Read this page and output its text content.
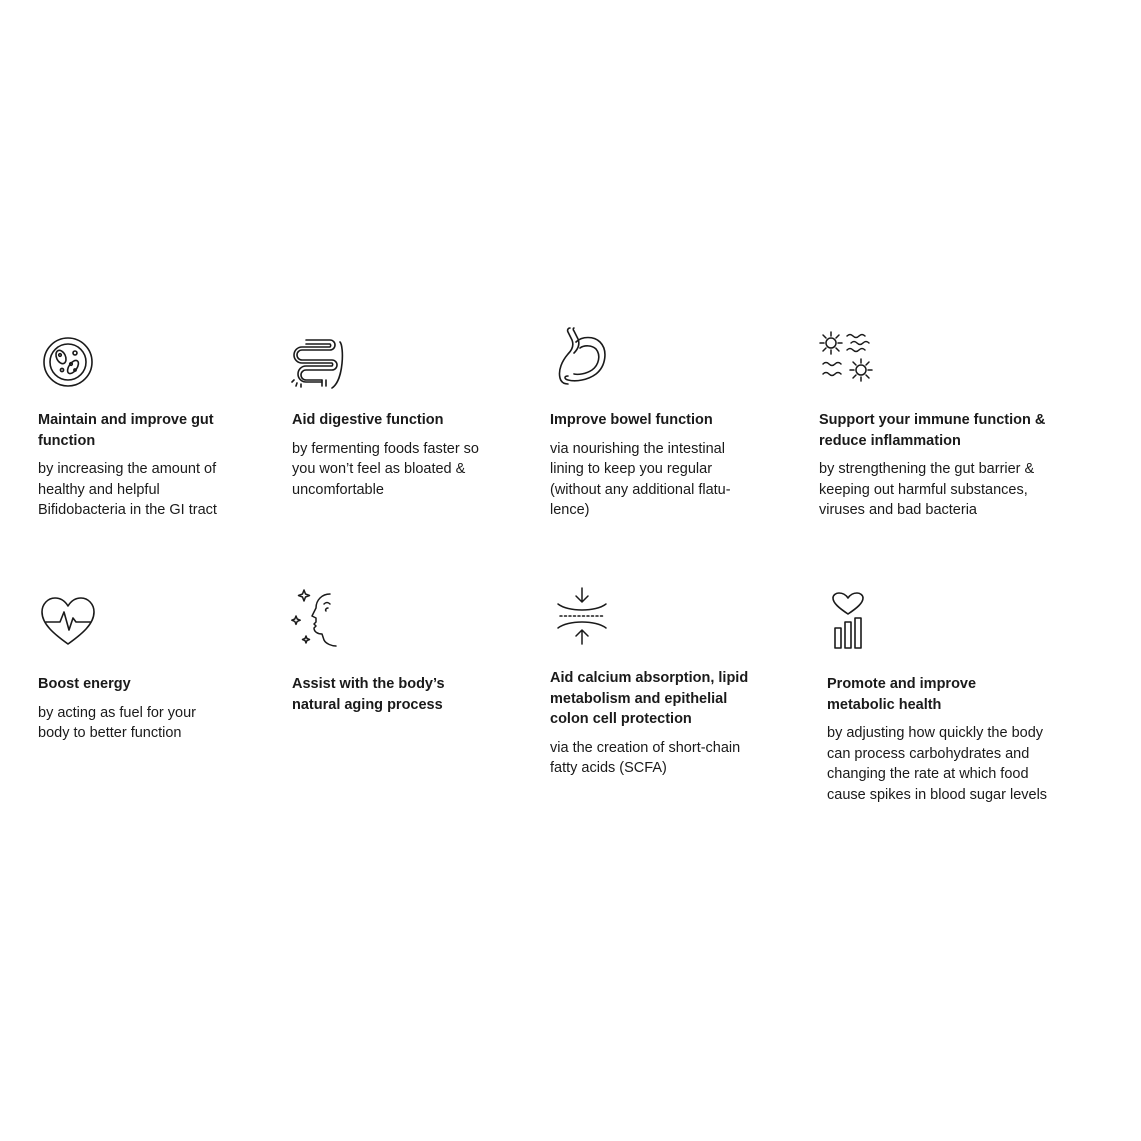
Maintain and improve gut
function

by increasing the amount of
healthy and helpful
Bifidobacteria in the GI tract

Aid digestive function

by fermenting foods faster so
you won’t feel as bloated &
uncomfortable

Improve bowel function

via nourishing the intestinal
lining to keep you regular
(without any additional flatu-
lence)

Support your immune function &
reduce inflammation

by strengthening the gut barrier &
keeping out harmful substances,
viruses and bad bacteria

Boost energy

by acting as fuel for your
body to better function

Assist with the body’s
natural aging process

Aid calcium absorption, lipid
metabolism and epithelial
colon cell protection

via the creation of short-chain
fatty acids (SCFA)

Promote and improve
metabolic health

by adjusting how quickly the body
can process carbohydrates and
changing the rate at which food
cause spikes in blood sugar levels
